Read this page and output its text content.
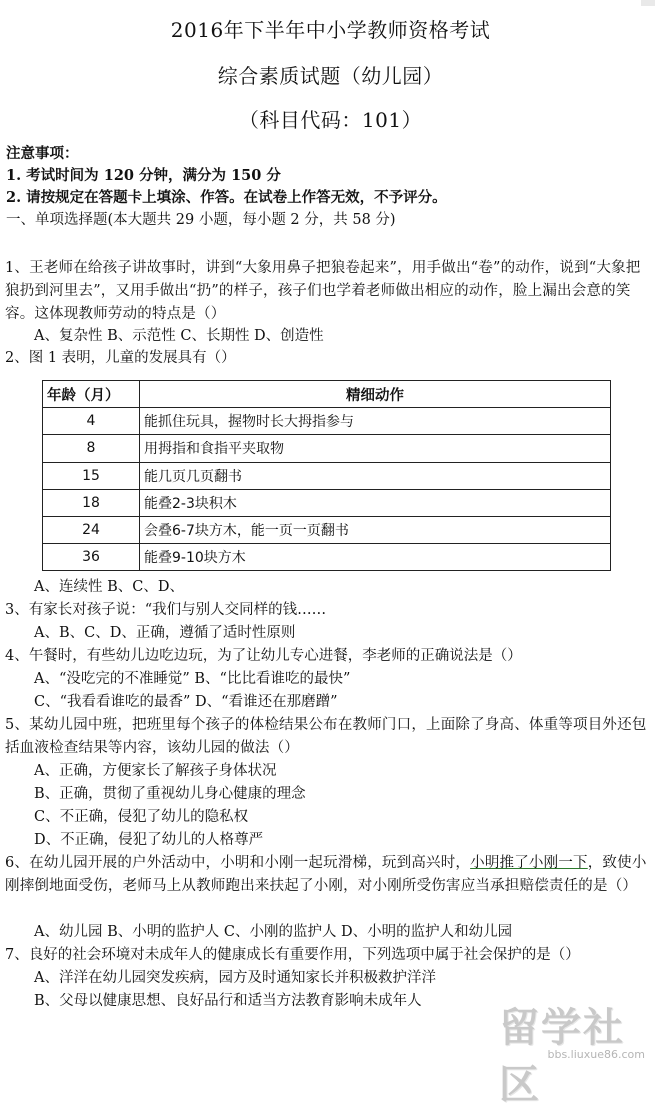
2016年下半年中小学教师资格考试
综合素质试题（幼儿园）
（科目代码：101）
注意事项：
1. 考试时间为 120 分钟，满分为 150 分
2. 请按规定在答题卡上填涂、作答。在试卷上作答无效，不予评分。
一、单项选择题(本大题共 29 小题，每小题 2 分，共 58 分)
1、王老师在给孩子讲故事时，讲到“大象用鼻子把狼卷起来”，用手做出“卷”的动作，说到“大象把狼扔到河里去”，又用手做出“扔”的样子，孩子们也学着老师做出相应的动作，脸上漏出会意的笑容。这体现教师劳动的特点是（）
A、复杂性 B、示范性 C、长期性 D、创造性
2、图 1 表明，儿童的发展具有（）
年龄（月）	精细动作
4	能抓住玩具，握物时长大拇指参与
8	用拇指和食指平夹取物
15	能几页几页翻书
18	能叠2-3块积木
24	会叠6-7块方木，能一页一页翻书
36	能叠9-10块方木
A、连续性 B、C、D、
3、有家长对孩子说：“我们与别人交同样的钱……
A、B、C、D、正确，遵循了适时性原则
4、午餐时，有些幼儿边吃边玩，为了让幼儿专心进餐，李老师的正确说法是（）
A、“没吃完的不准睡觉” B、“比比看谁吃的最快”
C、“我看看谁吃的最香” D、“看谁还在那磨蹭”
5、某幼儿园中班，把班里每个孩子的体检结果公布在教师门口，上面除了身高、体重等项目外还包括血液检查结果等内容，该幼儿园的做法（）
A、正确，方便家长了解孩子身体状况
B、正确，贯彻了重视幼儿身心健康的理念
C、不正确，侵犯了幼儿的隐私权
D、不正确，侵犯了幼儿的人格尊严
6、在幼儿园开展的户外活动中，小明和小刚一起玩滑梯，玩到高兴时，小明推了小刚一下，致使小刚摔倒地面受伤，老师马上从教师跑出来扶起了小刚，对小刚所受伤害应当承担赔偿责任的是（）
A、幼儿园 B、小明的监护人 C、小刚的监护人 D、小明的监护人和幼儿园
7、良好的社会环境对未成年人的健康成长有重要作用，下列选项中属于社会保护的是（）
A、洋洋在幼儿园突发疾病，园方及时通知家长并积极救护洋洋
B、父母以健康思想、良好品行和适当方法教育影响未成年人
留学社区
bbs.liuxue86.com
